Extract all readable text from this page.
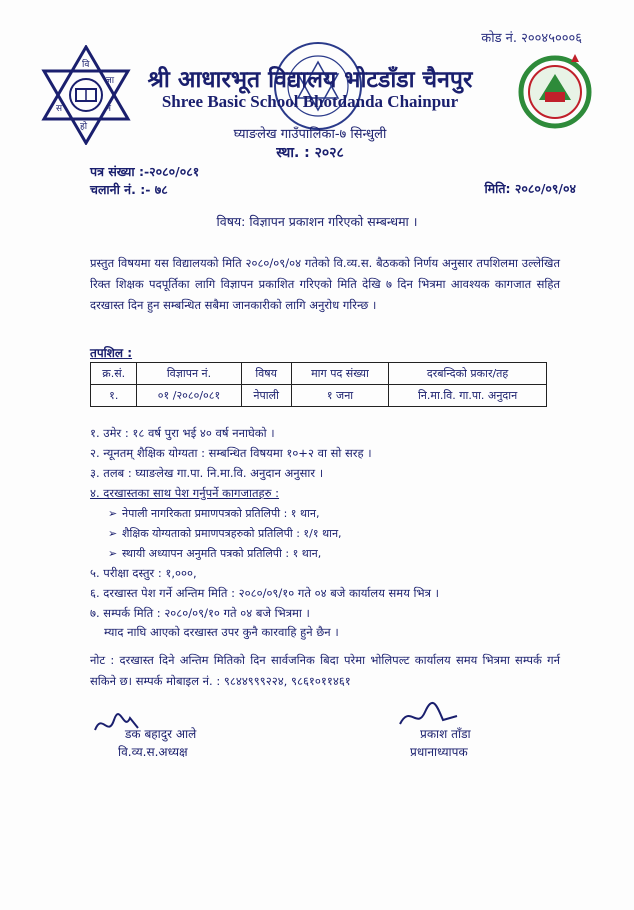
कोड नं. २००४५०००६
वि
ज्ञा
न
हो
स
श्री आधारभूत विद्यालय भोटडाँडा चैनपुर
Shree Basic School Bhotdanda Chainpur
घ्याङलेख गाउँपालिका-७ सिन्धुली
स्था. : २०२८
पत्र संख्या :-२०८०/०८१
चलानी नं. :- ७८	मिति: २०८०/०९/०४
विषय: विज्ञापन प्रकाशन गरिएको सम्बन्धमा ।
प्रस्तुत विषयमा यस विद्यालयको मिति २०८०/०९/०४ गतेको वि.व्य.स. बैठकको निर्णय अनुसार तपशिलमा उल्लेखित रिक्त शिक्षक पदपूर्तिका लागि विज्ञापन प्रकाशित गरिएको मिति देखि ७ दिन भित्रमा आवश्यक कागजात सहित दरखास्त दिन हुन सम्बन्धित सबैमा जानकारीको लागि अनुरोध गरिन्छ ।
तपशिल :
क्र.सं.	विज्ञापन नं.	विषय	माग पद संख्या	दरबन्दिको प्रकार/तह
१.	०१ /२०८०/०८१	नेपाली	१ जना	नि.मा.वि. गा.पा. अनुदान
१. उमेर : १८ वर्ष पुरा भई ४० वर्ष ननाघेको ।
२. न्यूनतम् शैक्षिक योग्यता : सम्बन्धित विषयमा १०+२ वा सो सरह ।
३. तलब : घ्याङलेख गा.पा. नि.मा.वि. अनुदान अनुसार ।
४. दरखास्तका साथ पेश गर्नुपर्ने कागजातहरु :
➢ नेपाली नागरिकता प्रमाणपत्रको प्रतिलिपी : १ थान,
➢ शैक्षिक योग्यताको प्रमाणपत्रहरुको प्रतिलिपी : १/१ थान,
➢ स्थायी अध्यापन अनुमति पत्रको प्रतिलिपी : १ थान,
५. परीक्षा दस्तुर : १,०००,
६. दरखास्त पेश गर्ने अन्तिम मिति : २०८०/०९/१० गते ०४ बजे कार्यालय समय भित्र ।
७. सम्पर्क मिति : २०८०/०९/१० गते ०४ बजे भित्रमा ।
म्याद नाघि आएको दरखास्त उपर कुनै कारवाहि हुने छैन ।
नोट : दरखास्त दिने अन्तिम मितिको दिन सार्वजनिक बिदा परेमा भोलिपल्ट कार्यालय समय भित्रमा सम्पर्क गर्न सकिने छ। सम्पर्क मोबाइल नं. : ९८४४९९९२२४, ९८६१०११४६१
डक बहादुर आले
वि.व्य.स.अध्यक्ष
प्रकाश ताँडा
प्रधानाध्यापक
